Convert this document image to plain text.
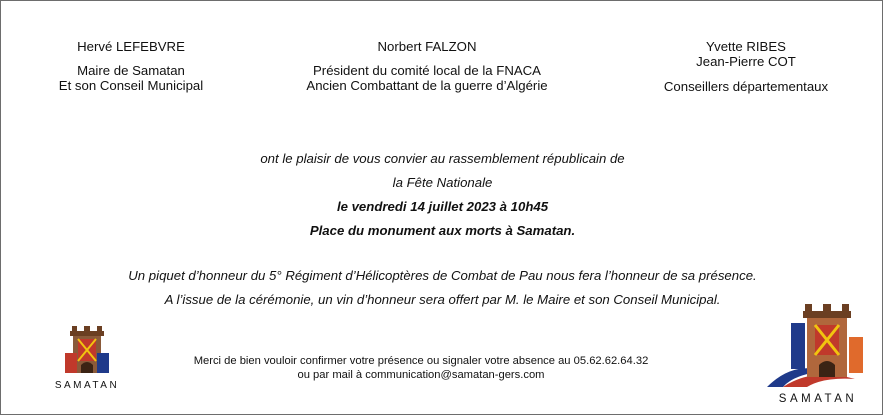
Hervé LEFEBVRE
Maire de Samatan
Et son Conseil Municipal
Norbert FALZON
Président du comité local de la FNACA
Ancien Combattant de la guerre d’Algérie
Yvette RIBES
Jean-Pierre COT
Conseillers départementaux
ont le plaisir de vous convier au rassemblement républicain de
la Fête Nationale
le vendredi 14 juillet 2023 à 10h45
Place du monument aux morts à Samatan.
Un piquet d’honneur du 5° Régiment d’Hélicoptères de Combat de Pau nous fera l’honneur de sa présence.
A l’issue de la cérémonie, un vin d’honneur sera offert par M. le Maire et son Conseil Municipal.
Merci de bien vouloir confirmer votre présence ou signaler votre absence au 05.62.62.64.32
ou par mail à communication@samatan-gers.com
SAMATAN
SAMATAN
